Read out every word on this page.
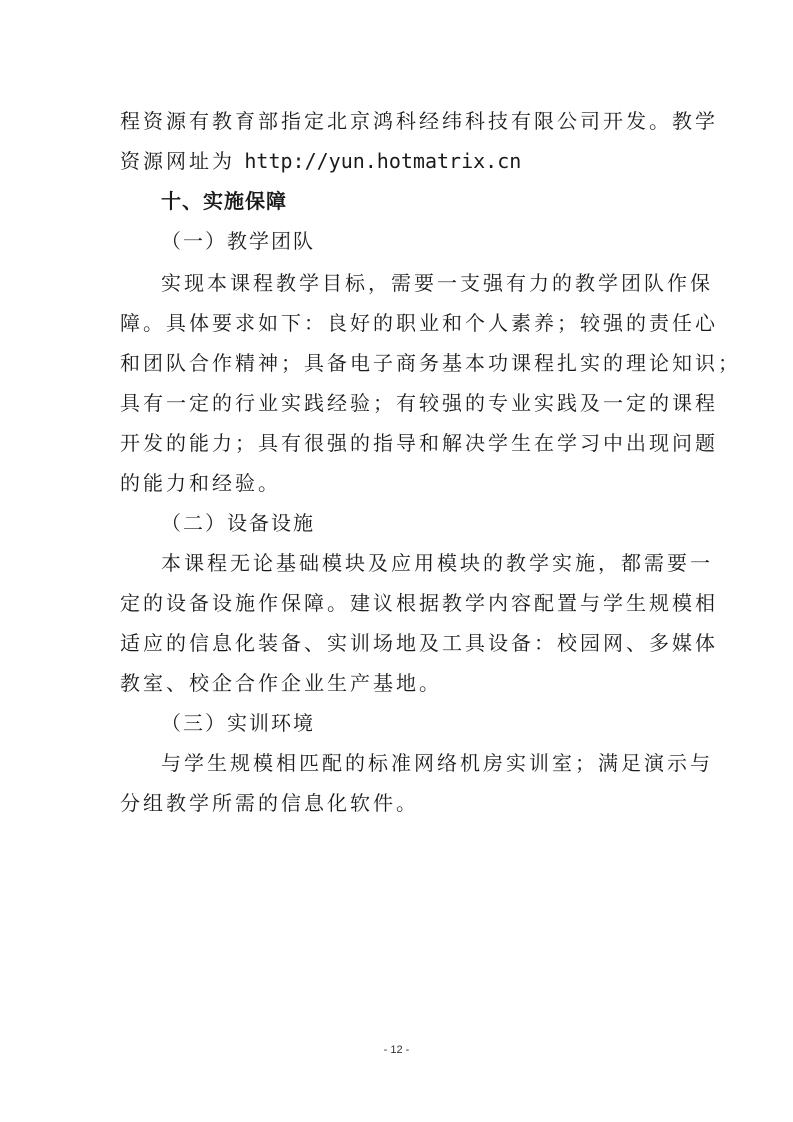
程资源有教育部指定北京鸿科经纬科技有限公司开发。教学
资源网址为 http://yun.hotmatrix.cn
十、实施保障
（一）教学团队
实现本课程教学目标，需要一支强有力的教学团队作保
障。具体要求如下：良好的职业和个人素养；较强的责任心
和团队合作精神；具备电子商务基本功课程扎实的理论知识；
具有一定的行业实践经验；有较强的专业实践及一定的课程
开发的能力；具有很强的指导和解决学生在学习中出现问题
的能力和经验。
（二）设备设施
本课程无论基础模块及应用模块的教学实施，都需要一
定的设备设施作保障。建议根据教学内容配置与学生规模相
适应的信息化装备、实训场地及工具设备：校园网、多媒体
教室、校企合作企业生产基地。
（三）实训环境
与学生规模相匹配的标准网络机房实训室；满足演示与
分组教学所需的信息化软件。
- 12 -
